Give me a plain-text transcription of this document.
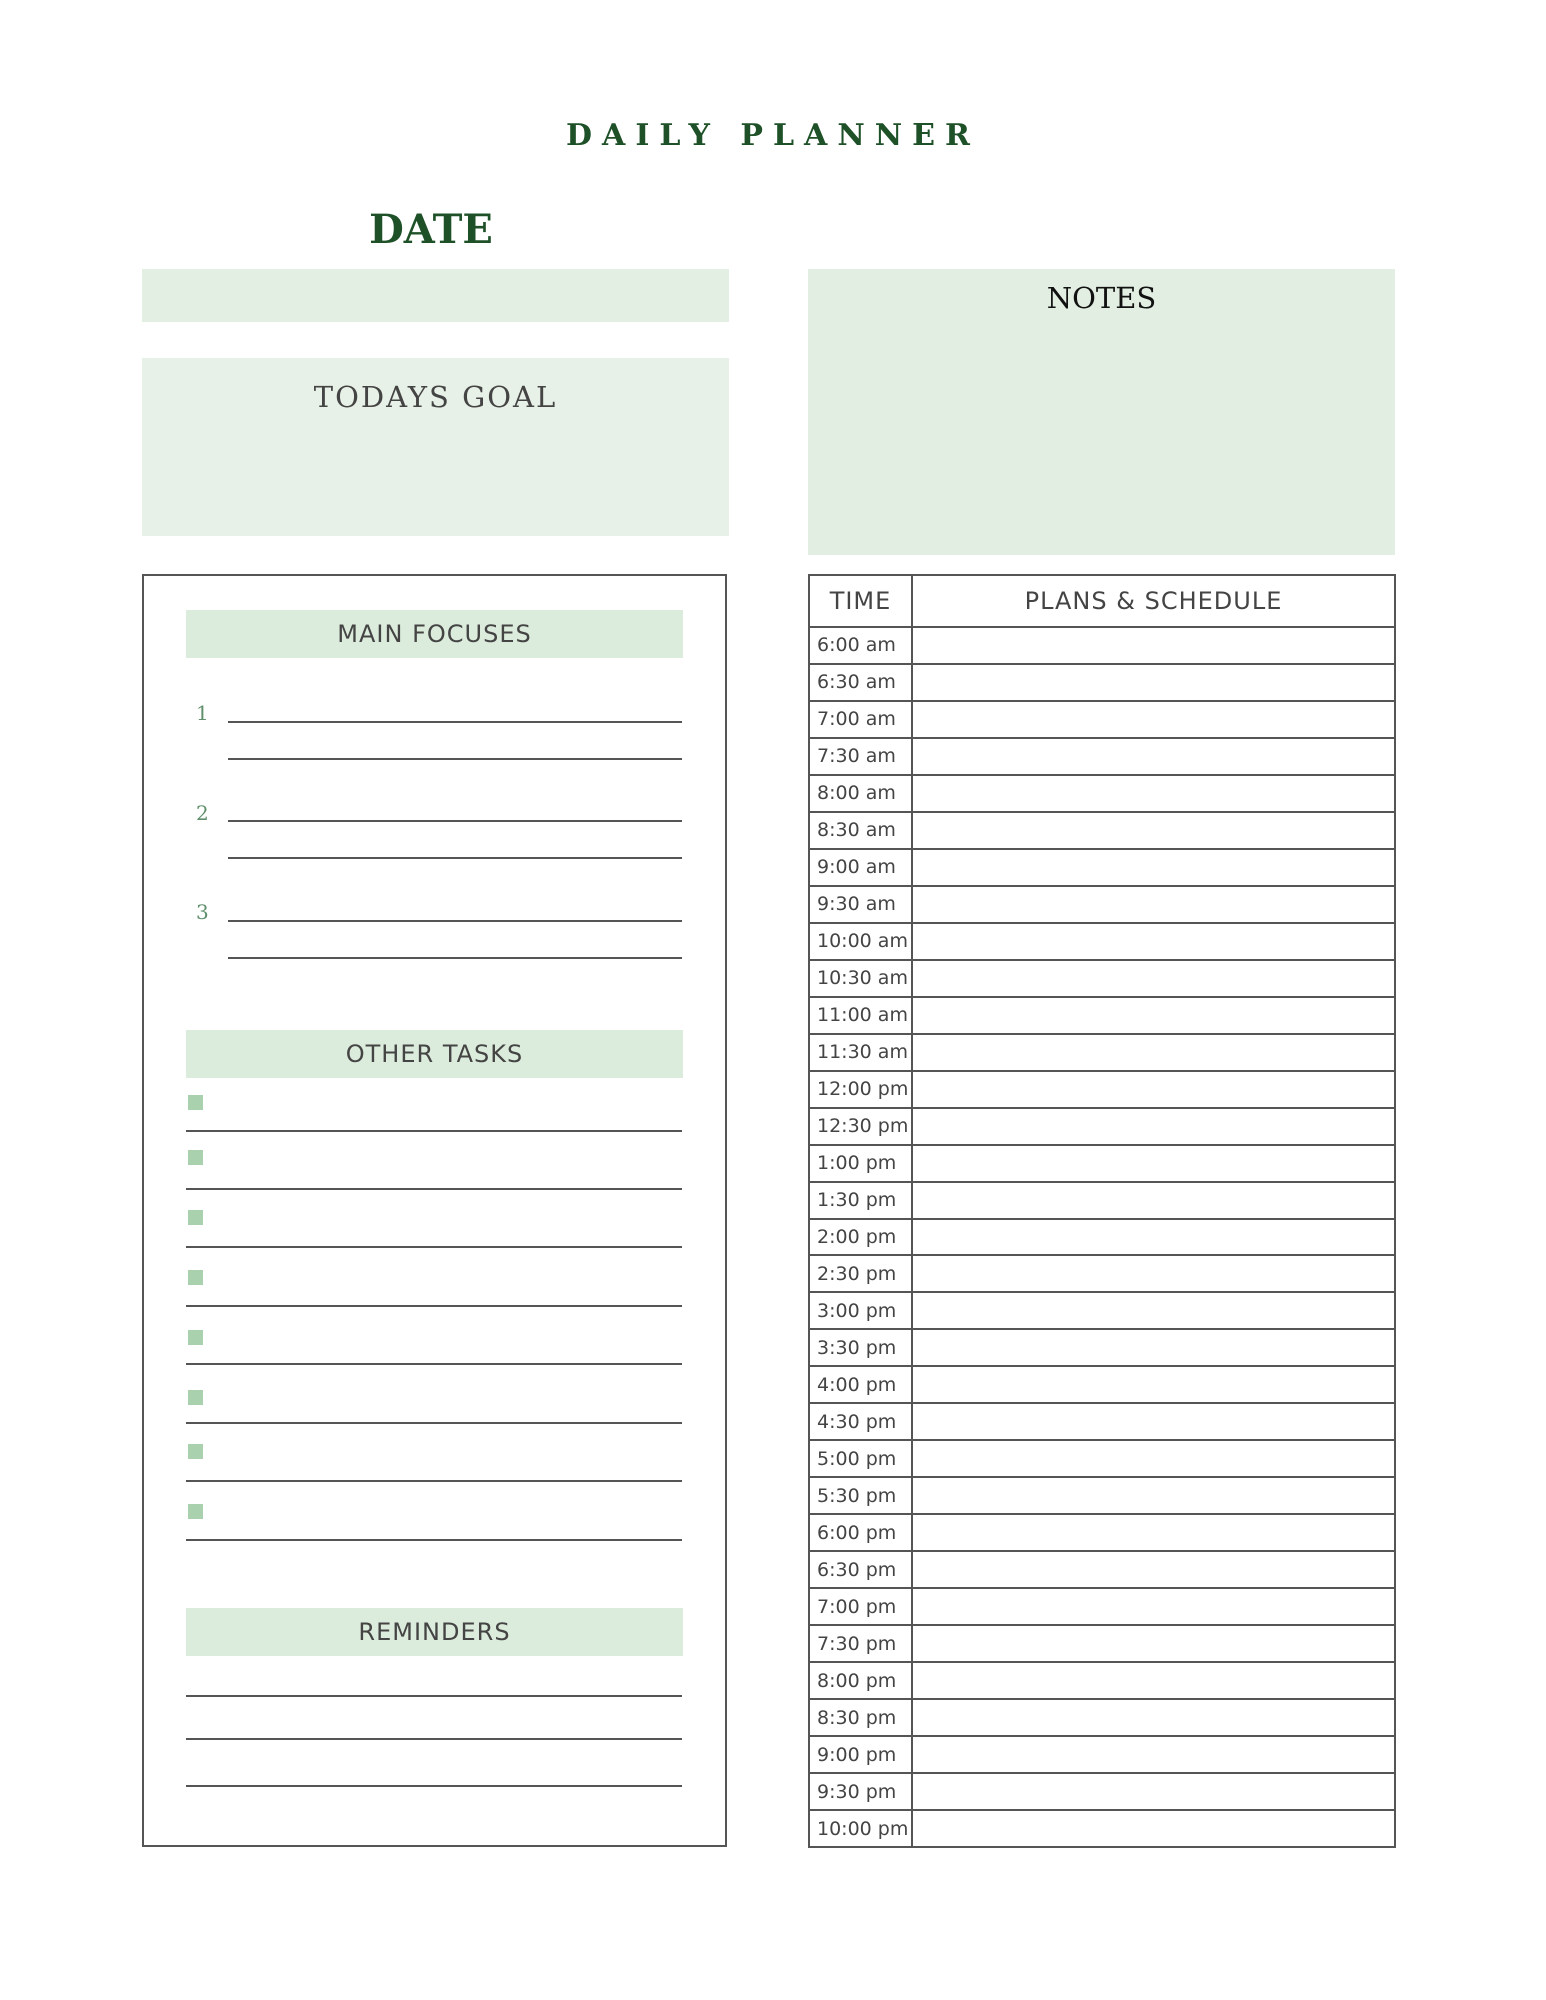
DAILY PLANNER
DATE
TODAYS GOAL
NOTES
MAIN FOCUSES
1
2
3
OTHER TASKS
REMINDERS
TIME	PLANS & SCHEDULE
6:00 am	
6:30 am	
7:00 am	
7:30 am	
8:00 am	
8:30 am	
9:00 am	
9:30 am	
10:00 am	
10:30 am	
11:00 am	
11:30 am	
12:00 pm	
12:30 pm	
1:00 pm	
1:30 pm	
2:00 pm	
2:30 pm	
3:00 pm	
3:30 pm	
4:00 pm	
4:30 pm	
5:00 pm	
5:30 pm	
6:00 pm	
6:30 pm	
7:00 pm	
7:30 pm	
8:00 pm	
8:30 pm	
9:00 pm	
9:30 pm	
10:00 pm	
